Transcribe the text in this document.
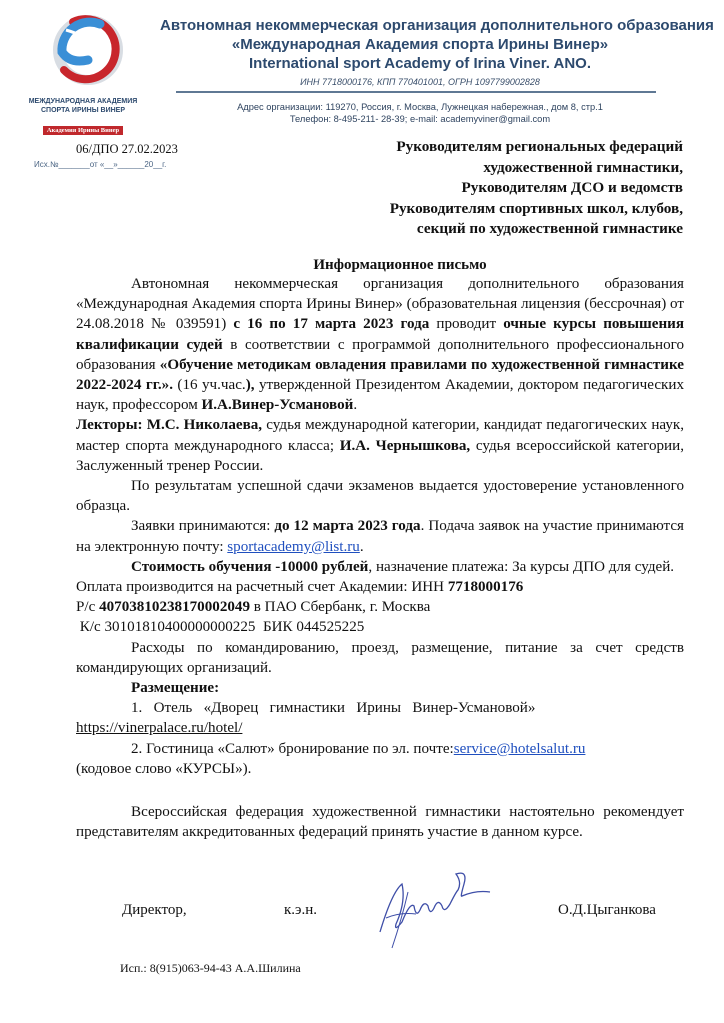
МЕЖДУНАРОДНАЯ АКАДЕМИЯ
СПОРТА ИРИНЫ ВИНЕР
Академия Ирины Винер
Автономная некоммерческая организация дополнительного образования
«Международная Академия спорта Ирины Винер»
International sport Academy of Irina Viner. ANO.
ИНН 7718000176, КПП 770401001, ОГРН 1097799002828
Адрес организации: 119270, Россия, г. Москва, Лужнецкая набережная., дом 8, стр.1
Телефон: 8-495-211- 28-39; e-mail: academyviner@gmail.com
06/ДПО 27.02.2023
Исх.№_______от «__»______20__г.
Руководителям региональных федераций
художественной гимнастики,
Руководителям ДСО и ведомств
Руководителям спортивных школ, клубов,
секций по художественной гимнастике
Информационное письмо

Автономная некоммерческая организация дополнительного образования «Международная Академия спорта Ирины Винер» (образовательная лицензия (бессрочная) от 24.08.2018 № 039591) с 16 по 17 марта 2023 года проводит очные курсы повышения квалификации судей в соответствии с программой дополнительного профессионального образования «Обучение методикам овладения правилами по художественной гимнастике 2022-2024 гг.». (16 уч.час.), утвержденной Президентом Академии, доктором педагогических наук, профессором И.А.Винер-Усмановой.

Лекторы: М.С. Николаева, судья международной категории, кандидат педагогических наук, мастер спорта международного класса; И.А. Чернышкова, судья всероссийской категории, Заслуженный тренер России.

По результатам успешной сдачи экзаменов выдается удостоверение установленного образца.

Заявки принимаются: до 12 марта 2023 года. Подача заявок на участие принимаются на электронную почту: sportacademy@list.ru.

Стоимость обучения -10000 рублей, назначение платежа: За курсы ДПО для судей.

Оплата производится на расчетный счет Академии: ИНН 7718000176

Р/с 40703810238170002049 в ПАО Сбербанк, г. Москва

К/с 30101810400000000225  БИК 044525225

Расходы по командированию, проезд, размещение, питание за счет средств командирующих организаций.

Размещение:

1.   Отель   «Дворец   гимнастики   Ирины   Винер-Усмановой»

https://vinerpalace.ru/hotel/

2. Гостиница «Салют» бронирование по эл. почте:service@hotelsalut.ru

(кодовое слово «КУРСЫ»).

Всероссийская федерация художественной гимнастики настоятельно рекомендует представителям аккредитованных федераций принять участие в данном курсе.

Директор,	к.э.н.	О.Д.Цыганкова
Исп.: 8(915)063-94-43 А.А.Шилина
